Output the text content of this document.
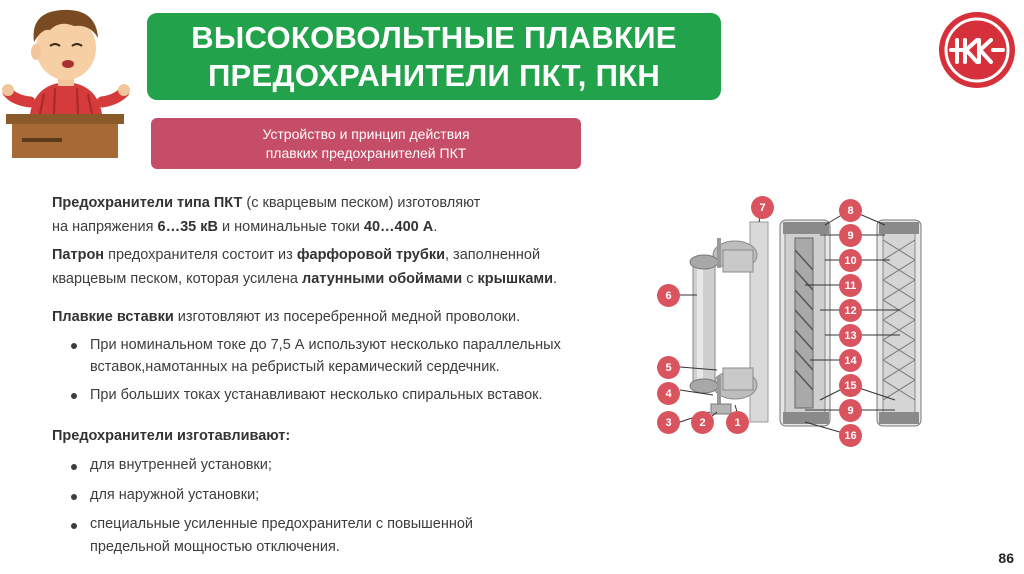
ВЫСОКОВОЛЬТНЫЕ ПЛАВКИЕ
ПРЕДОХРАНИТЕЛИ ПКТ, ПКН
Устройство и принцип действия
плавких предохранителей ПКТ
Предохранители типа ПКТ (с кварцевым песком) изготовляют
на напряжения 6…35 кВ и номинальные токи 40…400 А.
Патрон предохранителя состоит из фарфоровой трубки, заполненной
кварцевым песком, которая усилена латунными обоймами с крышками.
Плавкие вставки изготовляют из посеребренной медной проволоки.
При номинальном токе до 7,5 А используют несколько параллельных
вставок,намотанных на ребристый керамический сердечник.
При больших токах устанавливают несколько спиральных вставок.
Предохранители изготавливают:
для внутренней установки;
для наружной установки;
специальные усиленные предохранители с повышенной
предельной мощностью отключения.
7	8
9
10
11
12
13
14
15
9
16
6
5
4
3	2	1
86
